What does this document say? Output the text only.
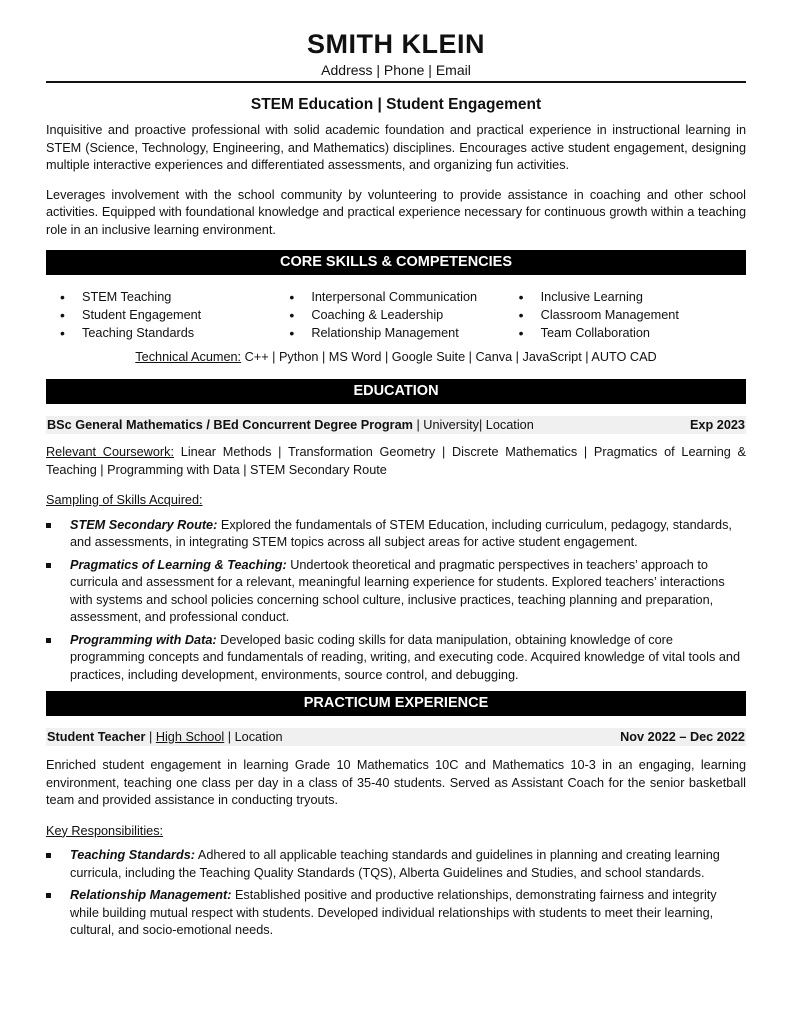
SMITH KLEIN
Address | Phone | Email
STEM Education | Student Engagement

Inquisitive and proactive professional with solid academic foundation and practical experience in instructional learning in STEM (Science, Technology, Engineering, and Mathematics) disciplines. Encourages active student engagement, designing multiple interactive experiences and differentiated assessments, and organizing fun activities.

Leverages involvement with the school community by volunteering to provide assistance in coaching and other school activities. Equipped with foundational knowledge and practical experience necessary for continuous growth within a teaching role in an inclusive learning environment.

CORE SKILLS & COMPETENCIES
• STEM Teaching
• Student Engagement
• Teaching Standards
• Interpersonal Communication
• Coaching & Leadership
• Relationship Management
• Inclusive Learning
• Classroom Management
• Team Collaboration
Technical Acumen: C++ | Python | MS Word | Google Suite | Canva | JavaScript | AUTO CAD
EDUCATION
BSc General Mathematics / BEd Concurrent Degree Program | University| Location	Exp 2023

Relevant Coursework: Linear Methods | Transformation Geometry | Discrete Mathematics | Pragmatics of Learning & Teaching | Programming with Data | STEM Secondary Route

Sampling of Skills Acquired:

STEM Secondary Route: Explored the fundamentals of STEM Education, including curriculum, pedagogy, standards, and assessments, in integrating STEM topics across all subject areas for active student engagement.
Pragmatics of Learning & Teaching: Undertook theoretical and pragmatic perspectives in teachers’ approach to curricula and assessment for a relevant, meaningful learning experience for students. Explored teachers’ interactions with systems and school policies concerning school culture, inclusive practices, teaching planning and preparation, assessment, and professional conduct.
Programming with Data: Developed basic coding skills for data manipulation, obtaining knowledge of core programming concepts and fundamentals of reading, writing, and executing code. Acquired knowledge of vital tools and practices, including development, environments, source control, and debugging.
PRACTICUM EXPERIENCE
Student Teacher | High School | Location	Nov 2022 – Dec 2022

Enriched student engagement in learning Grade 10 Mathematics 10C and Mathematics 10-3 in an engaging, learning environment, teaching one class per day in a class of 35-40 students. Served as Assistant Coach for the senior basketball team and provided assistance in conducting tryouts.

Key Responsibilities:

Teaching Standards: Adhered to all applicable teaching standards and guidelines in planning and creating learning curricula, including the Teaching Quality Standards (TQS), Alberta Guidelines and Studies, and school standards.
Relationship Management: Established positive and productive relationships, demonstrating fairness and integrity while building mutual respect with students. Developed individual relationships with students to meet their learning, cultural, and socio-emotional needs.
